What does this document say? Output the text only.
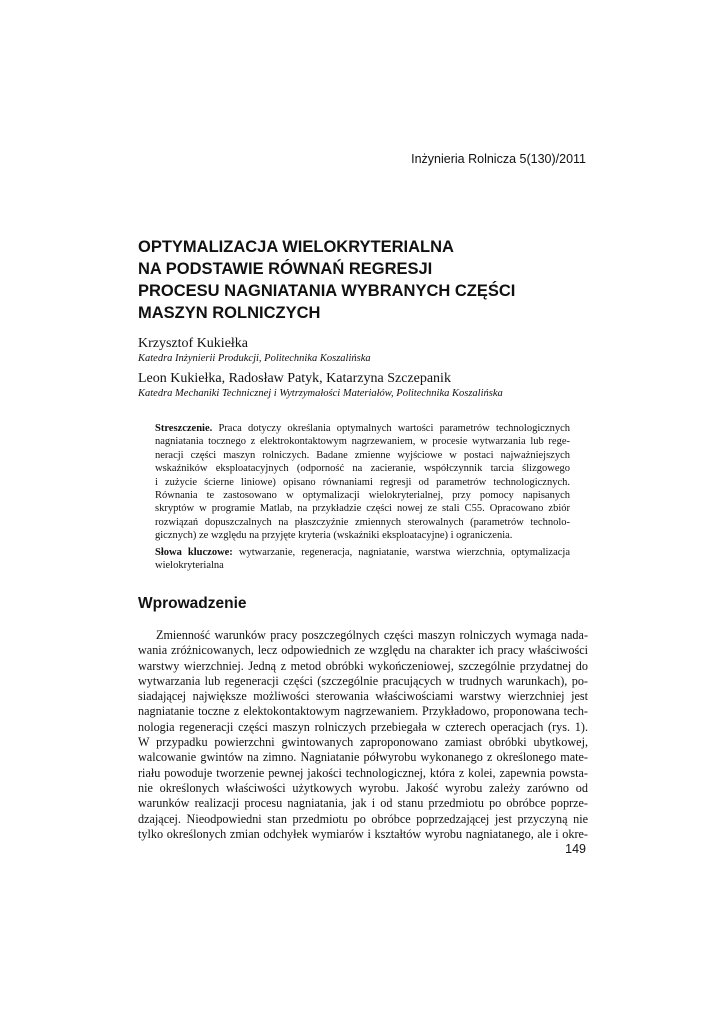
Inżynieria Rolnicza 5(130)/2011
OPTYMALIZACJA WIELOKRYTERIALNA
NA PODSTAWIE RÓWNAŃ REGRESJI
PROCESU NAGNIATANIA WYBRANYCH CZĘŚCI
MASZYN ROLNICZYCH
Krzysztof Kukiełka
Katedra Inżynierii Produkcji, Politechnika Koszalińska
Leon Kukiełka, Radosław Patyk, Katarzyna Szczepanik
Katedra Mechaniki Technicznej i Wytrzymałości Materiałów, Politechnika Koszalińska
Streszczenie. Praca dotyczy określania optymalnych wartości parametrów technologicznych
nagniatania tocznego z elektrokontaktowym nagrzewaniem, w procesie wytwarzania lub rege-
neracji części maszyn rolniczych. Badane zmienne wyjściowe w postaci najważniejszych
wskaźników eksploatacyjnych (odporność na zacieranie, współczynnik tarcia ślizgowego
i zużycie ścierne liniowe) opisano równaniami regresji od parametrów technologicznych.
Równania te zastosowano w optymalizacji wielokryterialnej, przy pomocy napisanych
skryptów w programie Matlab, na przykładzie części nowej ze stali C55. Opracowano zbiór
rozwiązań dopuszczalnych na płaszczyźnie zmiennych sterowalnych (parametrów technolo-
gicznych) ze względu na przyjęte kryteria (wskaźniki eksploatacyjne) i ograniczenia.
Słowa kluczowe: wytwarzanie, regeneracja, nagniatanie, warstwa wierzchnia, optymalizacja
wielokryterialna
Wprowadzenie
Zmienność warunków pracy poszczególnych części maszyn rolniczych wymaga nada-
wania zróżnicowanych, lecz odpowiednich ze względu na charakter ich pracy właściwości
warstwy wierzchniej. Jedną z metod obróbki wykończeniowej, szczególnie przydatnej do
wytwarzania lub regeneracji części (szczególnie pracujących w trudnych warunkach), po-
siadającej największe możliwości sterowania właściwościami warstwy wierzchniej jest
nagniatanie toczne z elektokontaktowym nagrzewaniem. Przykładowo, proponowana tech-
nologia regeneracji części maszyn rolniczych przebiegała w czterech operacjach (rys. 1).
W przypadku powierzchni gwintowanych zaproponowano zamiast obróbki ubytkowej,
walcowanie gwintów na zimno. Nagniatanie półwyrobu wykonanego z określonego mate-
riału powoduje tworzenie pewnej jakości technologicznej, która z kolei, zapewnia powsta-
nie określonych właściwości użytkowych wyrobu. Jakość wyrobu zależy zarówno od
warunków realizacji procesu nagniatania, jak i od stanu przedmiotu po obróbce poprze-
dzającej. Nieodpowiedni stan przedmiotu po obróbce poprzedzającej jest przyczyną nie
tylko określonych zmian odchyłek wymiarów i kształtów wyrobu nagniatanego, ale i okre-
149
